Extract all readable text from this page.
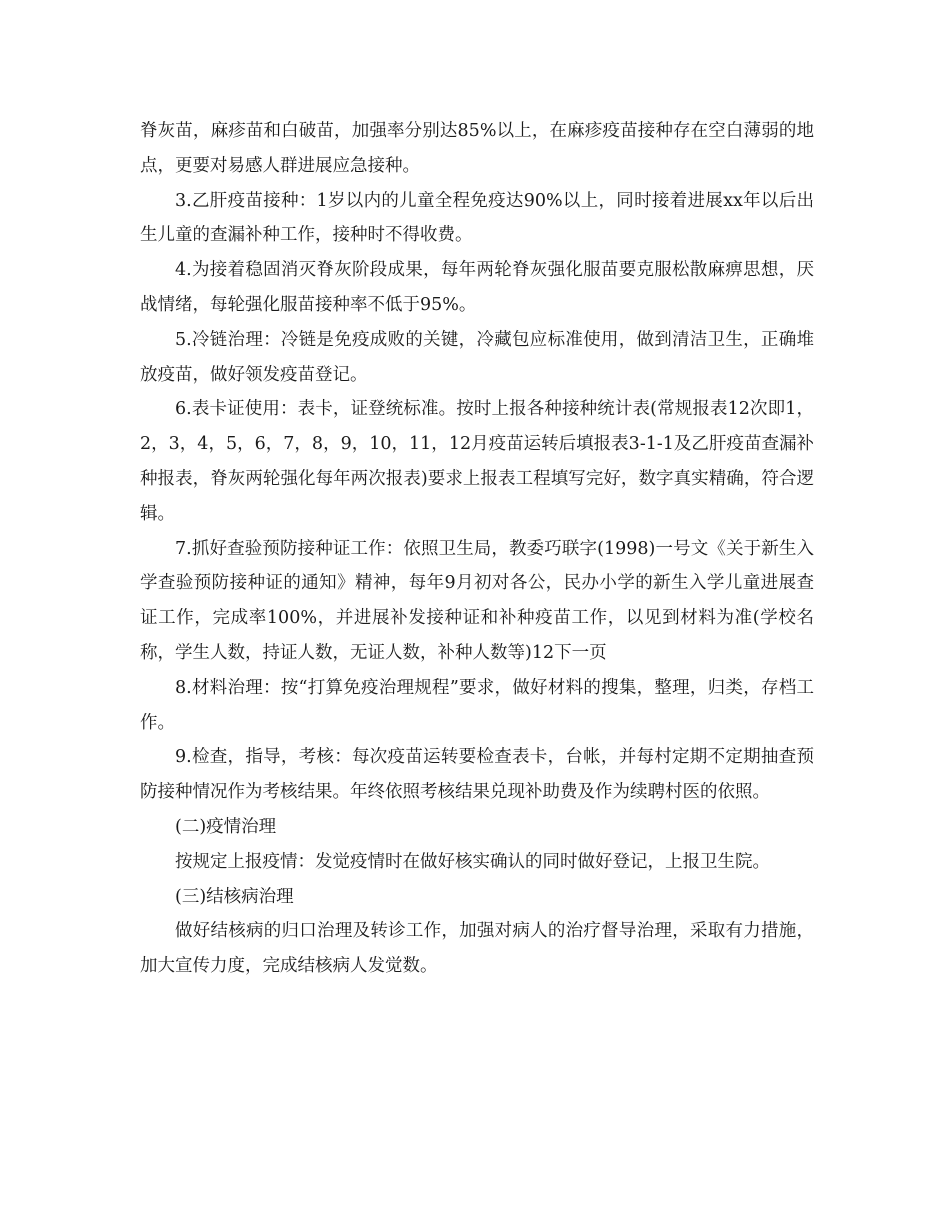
脊灰苗，麻疹苗和白破苗，加强率分别达85%以上，在麻疹疫苗接种存在空白薄弱的地点，更要对易感人群进展应急接种。

3.乙肝疫苗接种：1岁以内的儿童全程免疫达90%以上，同时接着进展xx年以后出生儿童的查漏补种工作，接种时不得收费。

4.为接着稳固消灭脊灰阶段成果，每年两轮脊灰强化服苗要克服松散麻痹思想，厌战情绪，每轮强化服苗接种率不低于95%。

5.冷链治理：冷链是免疫成败的关键，冷藏包应标准使用，做到清洁卫生，正确堆放疫苗，做好领发疫苗登记。

6.表卡证使用：表卡，证登统标准。按时上报各种接种统计表(常规报表12次即1，2，3，4，5，6，7，8，9，10，11，12月疫苗运转后填报表3-1-1及乙肝疫苗查漏补种报表，脊灰两轮强化每年两次报表)要求上报表工程填写完好，数字真实精确，符合逻辑。

7.抓好查验预防接种证工作：依照卫生局，教委巧联字(1998)一号文《关于新生入学查验预防接种证的通知》精神，每年9月初对各公，民办小学的新生入学儿童进展查证工作，完成率100%，并进展补发接种证和补种疫苗工作，以见到材料为准(学校名称，学生人数，持证人数，无证人数，补种人数等)12下一页

8.材料治理：按“打算免疫治理规程”要求，做好材料的搜集，整理，归类，存档工作。

9.检查，指导，考核：每次疫苗运转要检查表卡，台帐，并每村定期不定期抽查预防接种情况作为考核结果。年终依照考核结果兑现补助费及作为续聘村医的依照。

(二)疫情治理

按规定上报疫情：发觉疫情时在做好核实确认的同时做好登记，上报卫生院。

(三)结核病治理

做好结核病的归口治理及转诊工作，加强对病人的治疗督导治理，采取有力措施，加大宣传力度，完成结核病人发觉数。
